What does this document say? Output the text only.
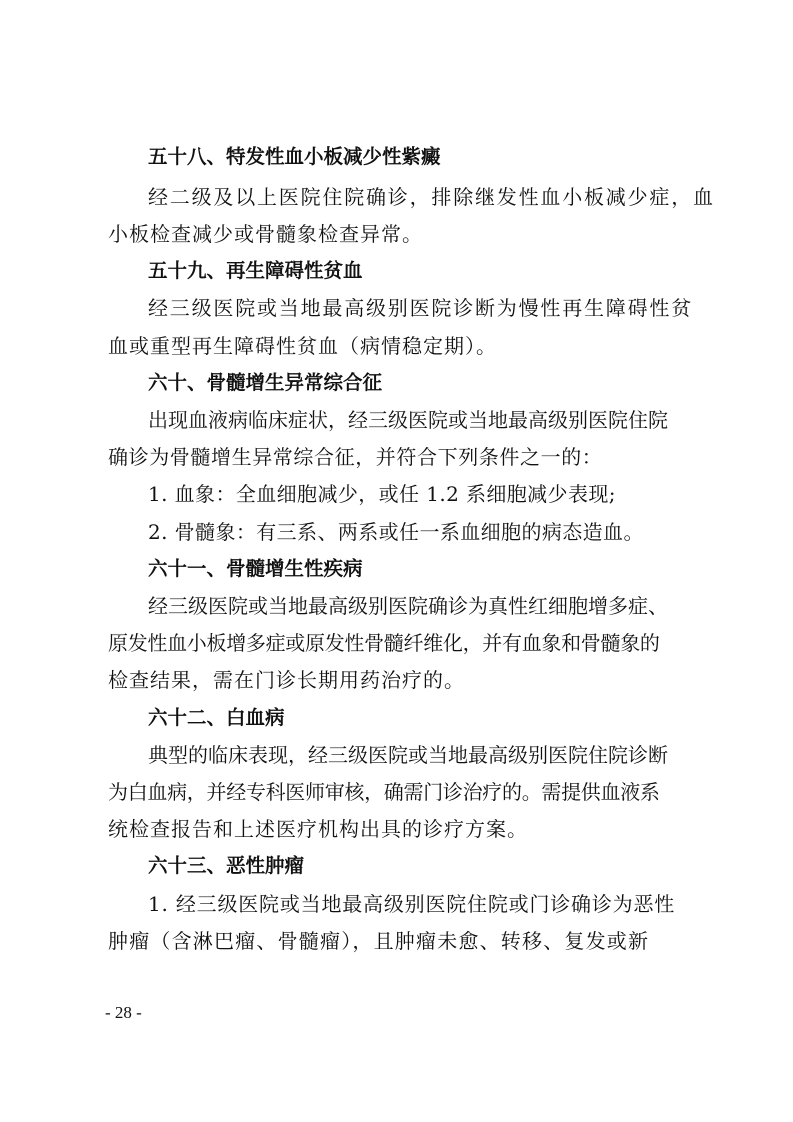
五十八、特发性血小板减少性紫癜
经二级及以上医院住院确诊，排除继发性血小板减少症，血
小板检查减少或骨髓象检查异常。
五十九、再生障碍性贫血
经三级医院或当地最高级别医院诊断为慢性再生障碍性贫
血或重型再生障碍性贫血（病情稳定期）。
六十、骨髓增生异常综合征
出现血液病临床症状，经三级医院或当地最高级别医院住院
确诊为骨髓增生异常综合征，并符合下列条件之一的：
1. 血象：全血细胞减少，或任 1.2 系细胞减少表现;
2. 骨髓象：有三系、两系或任一系血细胞的病态造血。
六十一、骨髓增生性疾病
经三级医院或当地最高级别医院确诊为真性红细胞增多症、
原发性血小板增多症或原发性骨髓纤维化，并有血象和骨髓象的
检查结果，需在门诊长期用药治疗的。
六十二、白血病
典型的临床表现，经三级医院或当地最高级别医院住院诊断
为白血病，并经专科医师审核，确需门诊治疗的。需提供血液系
统检查报告和上述医疗机构出具的诊疗方案。
六十三、恶性肿瘤
1. 经三级医院或当地最高级别医院住院或门诊确诊为恶性
肿瘤（含淋巴瘤、骨髓瘤），且肿瘤未愈、转移、复发或新
- 28 -
